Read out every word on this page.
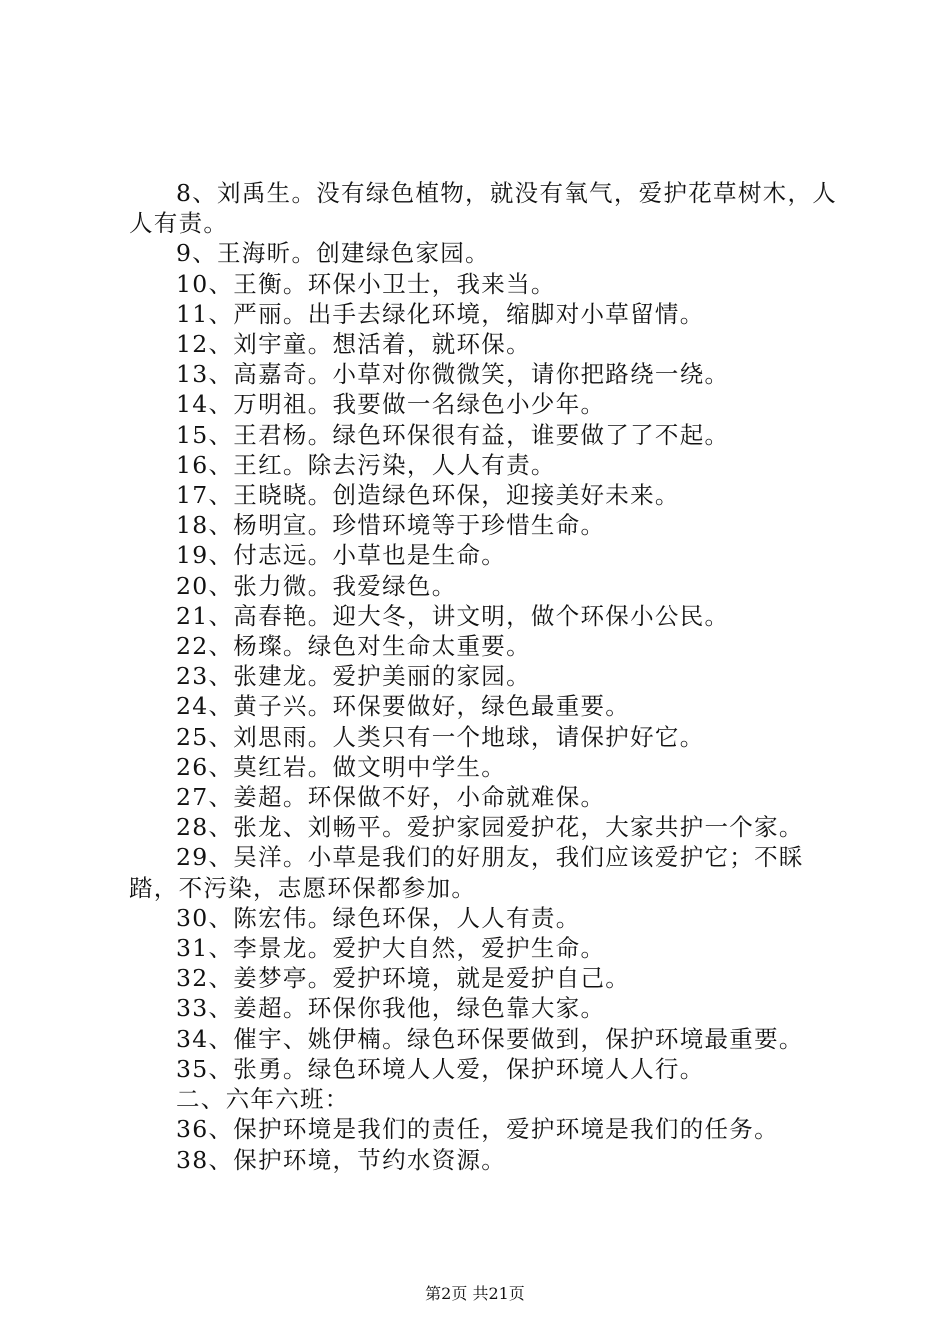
8、刘禹生。没有绿色植物，就没有氧气，爱护花草树木，人人有责。

9、王海昕。创建绿色家园。

10、王衡。环保小卫士，我来当。

11、严丽。出手去绿化环境，缩脚对小草留情。

12、刘宇童。想活着，就环保。

13、高嘉奇。小草对你微微笑，请你把路绕一绕。

14、万明祖。我要做一名绿色小少年。

15、王君杨。绿色环保很有益，谁要做了了不起。

16、王红。除去污染，人人有责。

17、王晓晓。创造绿色环保，迎接美好未来。

18、杨明宣。珍惜环境等于珍惜生命。

19、付志远。小草也是生命。

20、张力微。我爱绿色。

21、高春艳。迎大冬，讲文明，做个环保小公民。

22、杨璨。绿色对生命太重要。

23、张建龙。爱护美丽的家园。

24、黄子兴。环保要做好，绿色最重要。

25、刘思雨。人类只有一个地球，请保护好它。

26、莫红岩。做文明中学生。

27、姜超。环保做不好，小命就难保。

28、张龙、刘畅平。爱护家园爱护花，大家共护一个家。

29、吴洋。小草是我们的好朋友，我们应该爱护它；不睬踏，不污染，志愿环保都参加。

30、陈宏伟。绿色环保，人人有责。

31、李景龙。爱护大自然，爱护生命。

32、姜梦亭。爱护环境，就是爱护自己。

33、姜超。环保你我他，绿色靠大家。

34、催宇、姚伊楠。绿色环保要做到，保护环境最重要。

35、张勇。绿色环境人人爱，保护环境人人行。

二、六年六班：

36、保护环境是我们的责任，爱护环境是我们的任务。

38、保护环境，节约水资源。

第2页 共21页
